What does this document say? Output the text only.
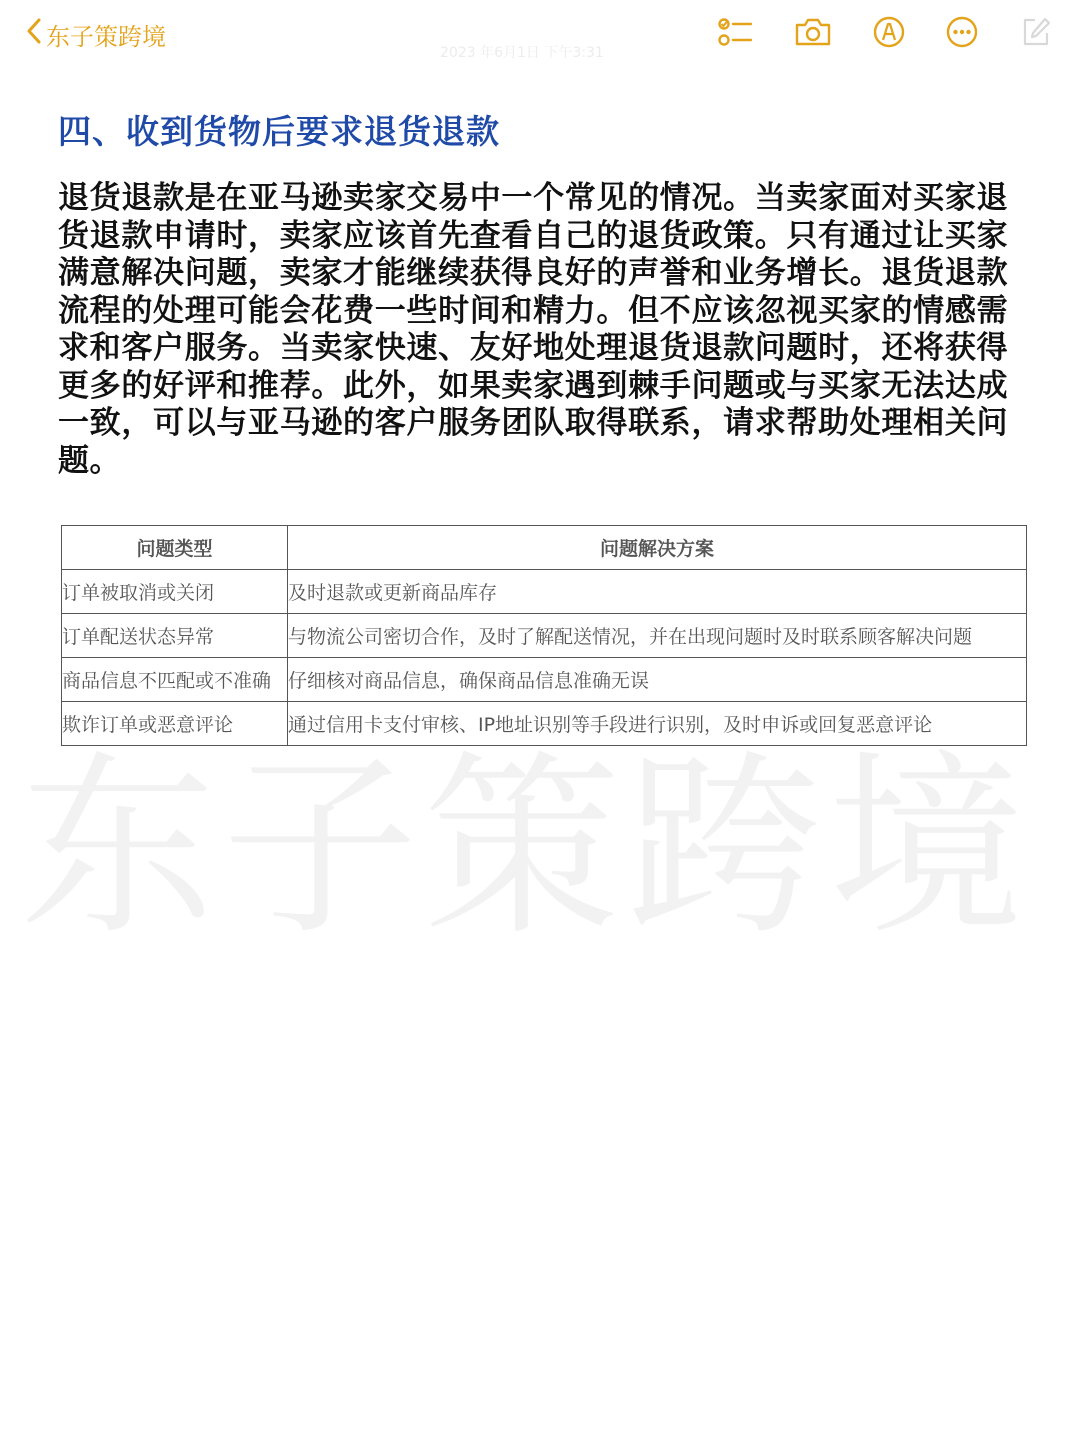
东子策跨境
2023 年6月1日 下午3:31
四、收到货物后要求退货退款
退货退款是在亚马逊卖家交易中一个常见的情况。当卖家面对买家退货退款申请时，卖家应该首先查看自己的退货政策。只有通过让买家满意解决问题，卖家才能继续获得良好的声誉和业务增长。退货退款流程的处理可能会花费一些时间和精力。但不应该忽视买家的情感需求和客户服务。当卖家快速、友好地处理退货退款问题时，还将获得更多的好评和推荐。此外，如果卖家遇到棘手问题或与买家无法达成一致，可以与亚马逊的客户服务团队取得联系，请求帮助处理相关问题。
东子策跨境
问题类型	问题解决方案
订单被取消或关闭	及时退款或更新商品库存
订单配送状态异常	与物流公司密切合作，及时了解配送情况，并在出现问题时及时联系顾客解决问题
商品信息不匹配或不准确	仔细核对商品信息，确保商品信息准确无误
欺诈订单或恶意评论	通过信用卡支付审核、IP地址识别等手段进行识别，及时申诉或回复恶意评论
